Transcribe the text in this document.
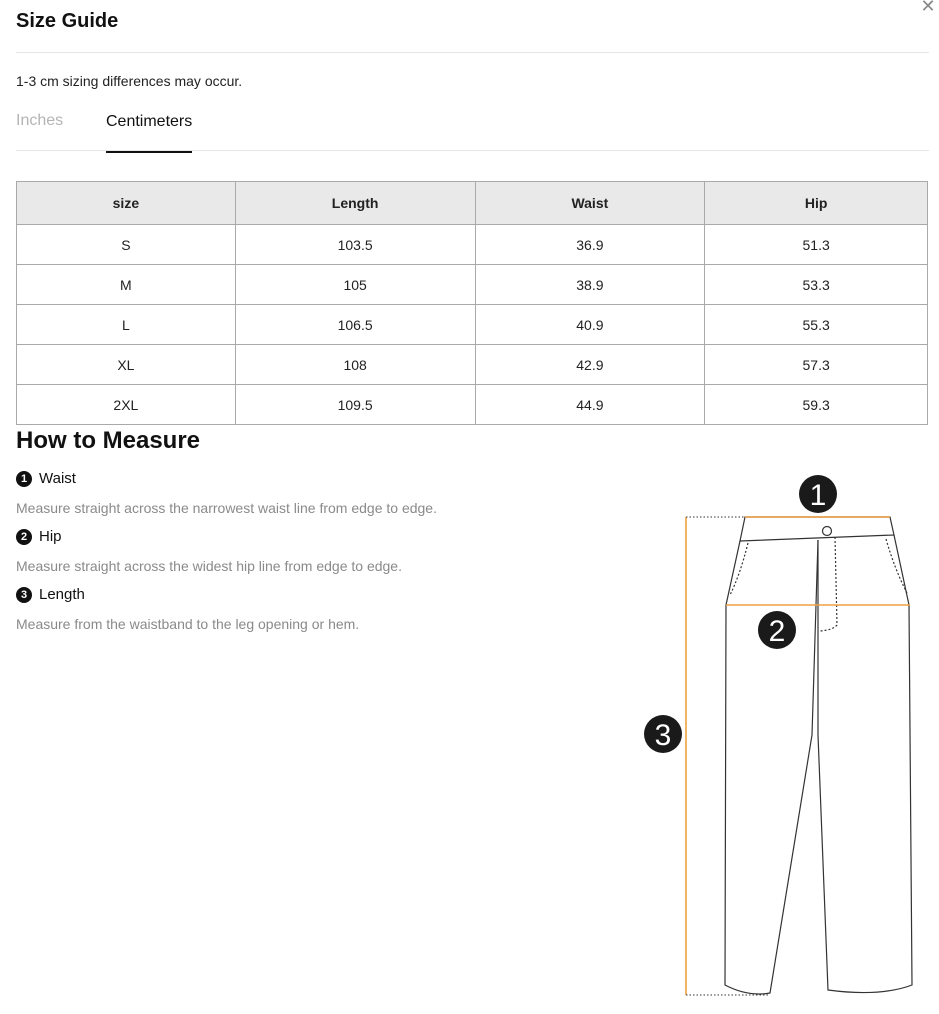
✕
Size Guide
1-3 cm sizing differences may occur.
Inches	Centimeters
size	Length	Waist	Hip
S	103.5	36.9	51.3
M	105	38.9	53.3
L	106.5	40.9	55.3
XL	108	42.9	57.3
2XL	109.5	44.9	59.3
How to Measure
1 Waist
Measure straight across the narrowest waist line from edge to edge.
2 Hip
Measure straight across the widest hip line from edge to edge.
3 Length
Measure from the waistband to the leg opening or hem.
1
2
3
